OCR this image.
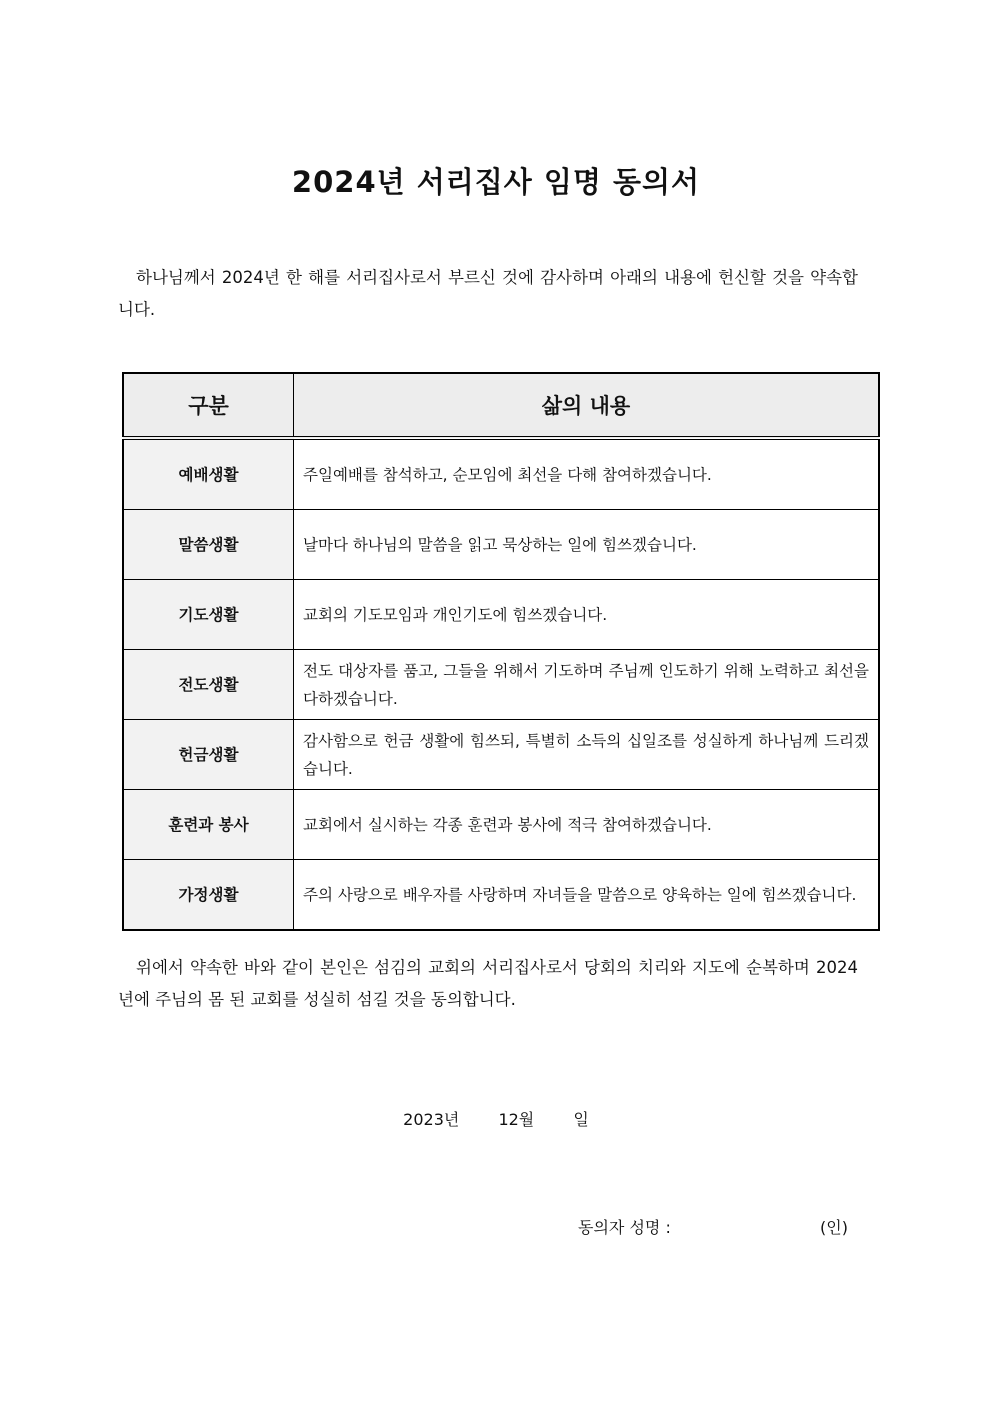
2024년 서리집사 임명 동의서

하나님께서 2024년 한 해를 서리집사로서 부르신 것에 감사하며 아래의 내용에 헌신할 것을 약속합니다.

구분	삶의 내용
예배생활	주일예배를 참석하고, 순모임에 최선을 다해 참여하겠습니다.
말씀생활	날마다 하나님의 말씀을 읽고 묵상하는 일에 힘쓰겠습니다.
기도생활	교회의 기도모임과 개인기도에 힘쓰겠습니다.
전도생활	전도 대상자를 품고, 그들을 위해서 기도하며 주님께 인도하기 위해 노력하고 최선을 다하겠습니다.
헌금생활	감사함으로 헌금 생활에 힘쓰되, 특별히 소득의 십일조를 성실하게 하나님께 드리겠습니다.
훈련과 봉사	교회에서 실시하는 각종 훈련과 봉사에 적극 참여하겠습니다.
가정생활	주의 사랑으로 배우자를 사랑하며 자녀들을 말씀으로 양육하는 일에 힘쓰겠습니다.

위에서 약속한 바와 같이 본인은 섬김의 교회의 서리집사로서 당회의 치리와 지도에 순복하며 2024년에 주님의 몸 된 교회를 성실히 섬길 것을 동의합니다.

2023년 12월 일
동의자 성명 :	(인)
